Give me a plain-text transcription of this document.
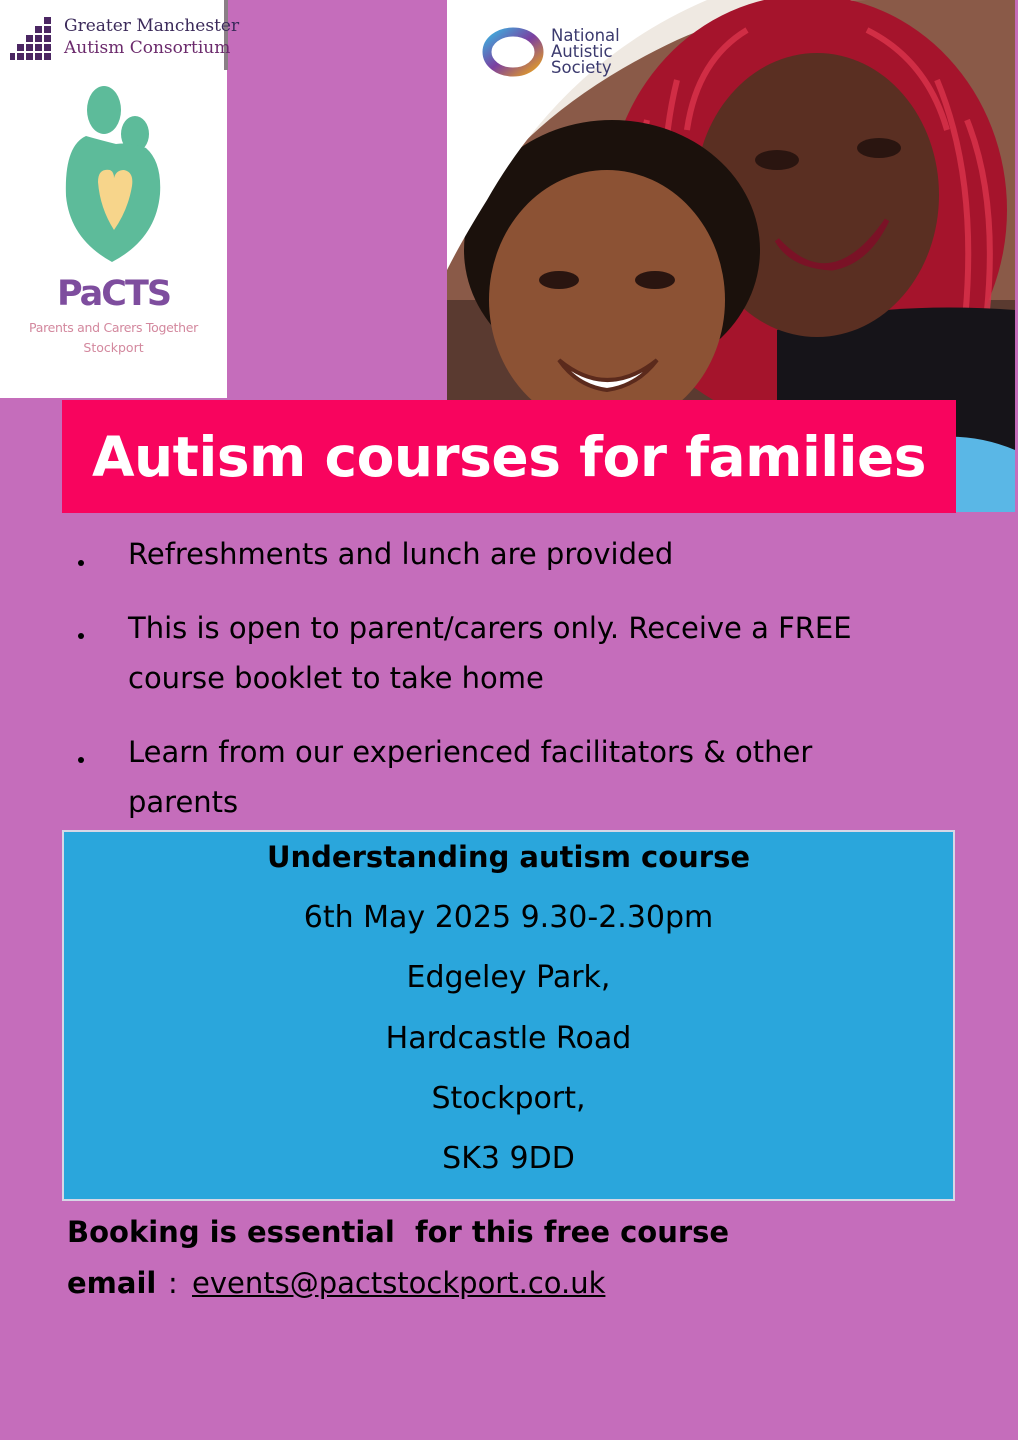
Greater Manchester
Autism Consortium
PaCTS
Parents and Carers Together
Stockport
National
Autistic
Society
Autism courses for families
Refreshments and lunch are provided
This is open to parent/carers only. Receive a FREE course booklet to take home
Learn from our experienced facilitators & other parents
Understanding autism course
6th May 2025 9.30-2.30pm
Edgeley Park,
Hardcastle Road
Stockport,
SK3 9DD
Booking is essential  for this free course
email : events@pactstockport.co.uk
